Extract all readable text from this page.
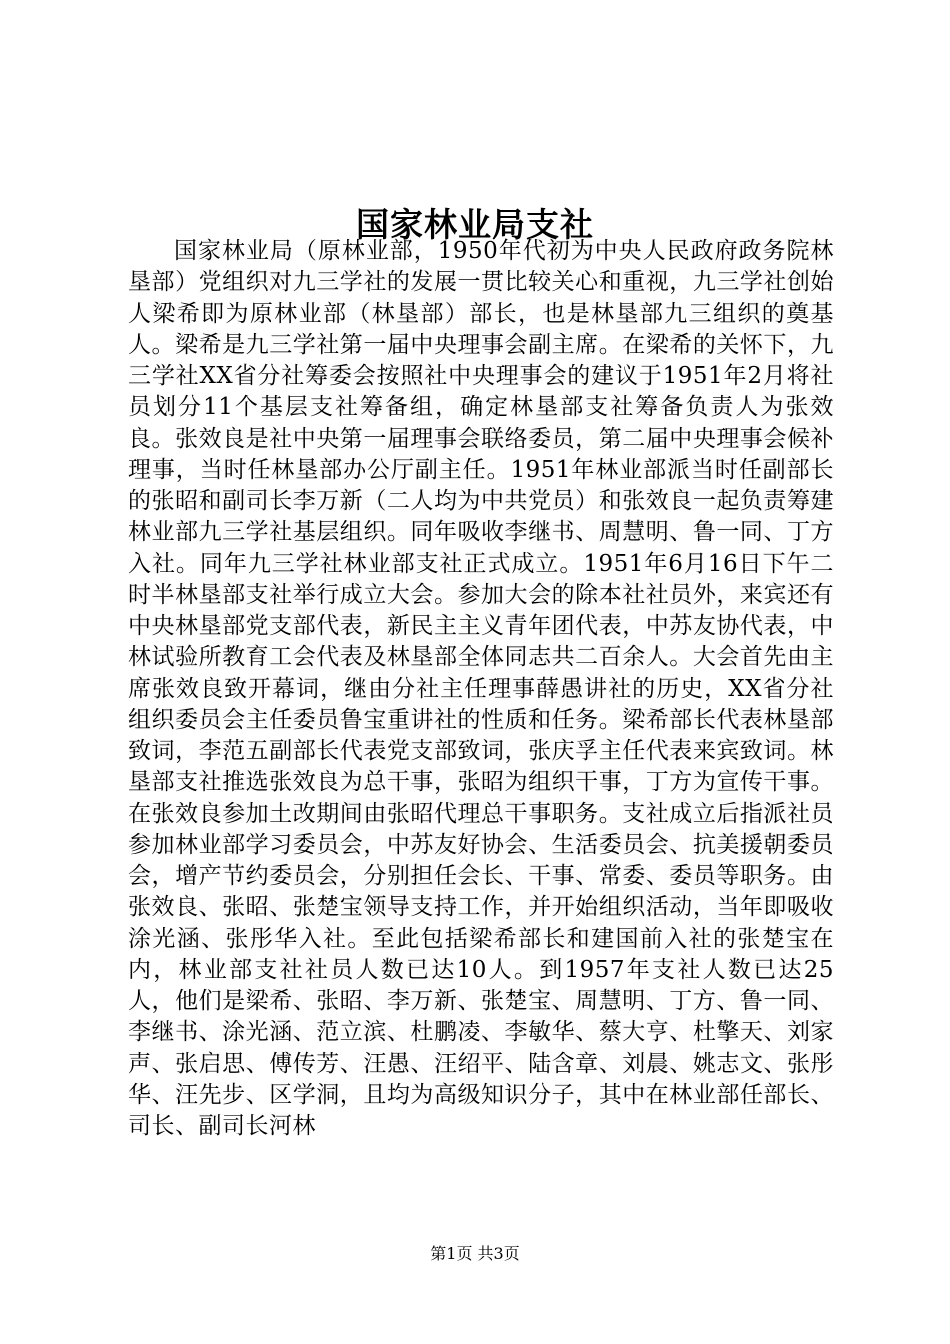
国家林业局支社

国家林业局（原林业部，1950年代初为中央人民政府政务院林垦部）党组织对九三学社的发展一贯比较关心和重视，九三学社创始人梁希即为原林业部（林垦部）部长，也是林垦部九三组织的奠基人。梁希是九三学社第一届中央理事会副主席。在梁希的关怀下，九三学社XX省分社筹委会按照社中央理事会的建议于1951年2月将社员划分11个基层支社筹备组，确定林垦部支社筹备负责人为张效良。张效良是社中央第一届理事会联络委员，第二届中央理事会候补理事，当时任林垦部办公厅副主任。1951年林业部派当时任副部长的张昭和副司长李万新（二人均为中共党员）和张效良一起负责筹建林业部九三学社基层组织。同年吸收李继书、周慧明、鲁一同、丁方入社。同年九三学社林业部支社正式成立。1951年6月16日下午二时半林垦部支社举行成立大会。参加大会的除本社社员外，来宾还有中央林垦部党支部代表，新民主主义青年团代表，中苏友协代表，中林试验所教育工会代表及林垦部全体同志共二百余人。大会首先由主席张效良致开幕词，继由分社主任理事薛愚讲社的历史，XX省分社组织委员会主任委员鲁宝重讲社的性质和任务。梁希部长代表林垦部致词，李范五副部长代表党支部致词，张庆孚主任代表来宾致词。林垦部支社推选张效良为总干事，张昭为组织干事，丁方为宣传干事。在张效良参加土改期间由张昭代理总干事职务。支社成立后指派社员参加林业部学习委员会，中苏友好协会、生活委员会、抗美援朝委员会，增产节约委员会，分别担任会长、干事、常委、委员等职务。由张效良、张昭、张楚宝领导支持工作，并开始组织活动，当年即吸收涂光涵、张彤华入社。至此包括梁希部长和建国前入社的张楚宝在内，林业部支社社员人数已达10人。到1957年支社人数已达25人，他们是梁希、张昭、李万新、张楚宝、周慧明、丁方、鲁一同、李继书、涂光涵、范立滨、杜鹏凌、李敏华、蔡大亨、杜擎天、刘家声、张启思、傅传芳、汪愚、汪绍平、陆含章、刘晨、姚志文、张彤华、汪先步、区学洞，且均为高级知识分子，其中在林业部任部长、司长、副司长河林

第1页 共3页
